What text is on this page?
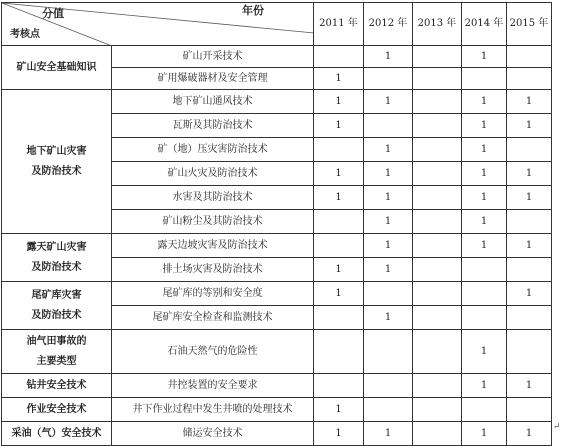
分值 年份
考核点		2011 年	2012 年	2013 年	2014 年	2015 年
矿山安全基础知识	矿山开采技术		1		1	
	矿用爆破器材及安全管理	1				
地下矿山灾害
及防治技术	地下矿山通风技术	1	1		1	1
	瓦斯及其防治技术	1			1	1
	矿（地）压灾害防治技术		1		1	
	矿山火灾及防治技术	1	1		1	1
	水害及其防治技术	1	1		1	1
	矿山粉尘及其防治技术		1		1	
露天矿山灾害
及防治技术	露天边坡灾害及防治技术		1		1	1
	排土场灾害及防治技术	1	1			
尾矿库灾害
及防治技术	尾矿库的等别和安全度	1				1
	尾矿库安全检查和监测技术		1			
油气田事故的
主要类型	石油天然气的危险性				1	
钻井安全技术	井控装置的安全要求				1	1
作业安全技术	井下作业过程中发生井喷的处理技术	1				
采油（气）安全技术	储运安全技术	1	1		1	1
↵
